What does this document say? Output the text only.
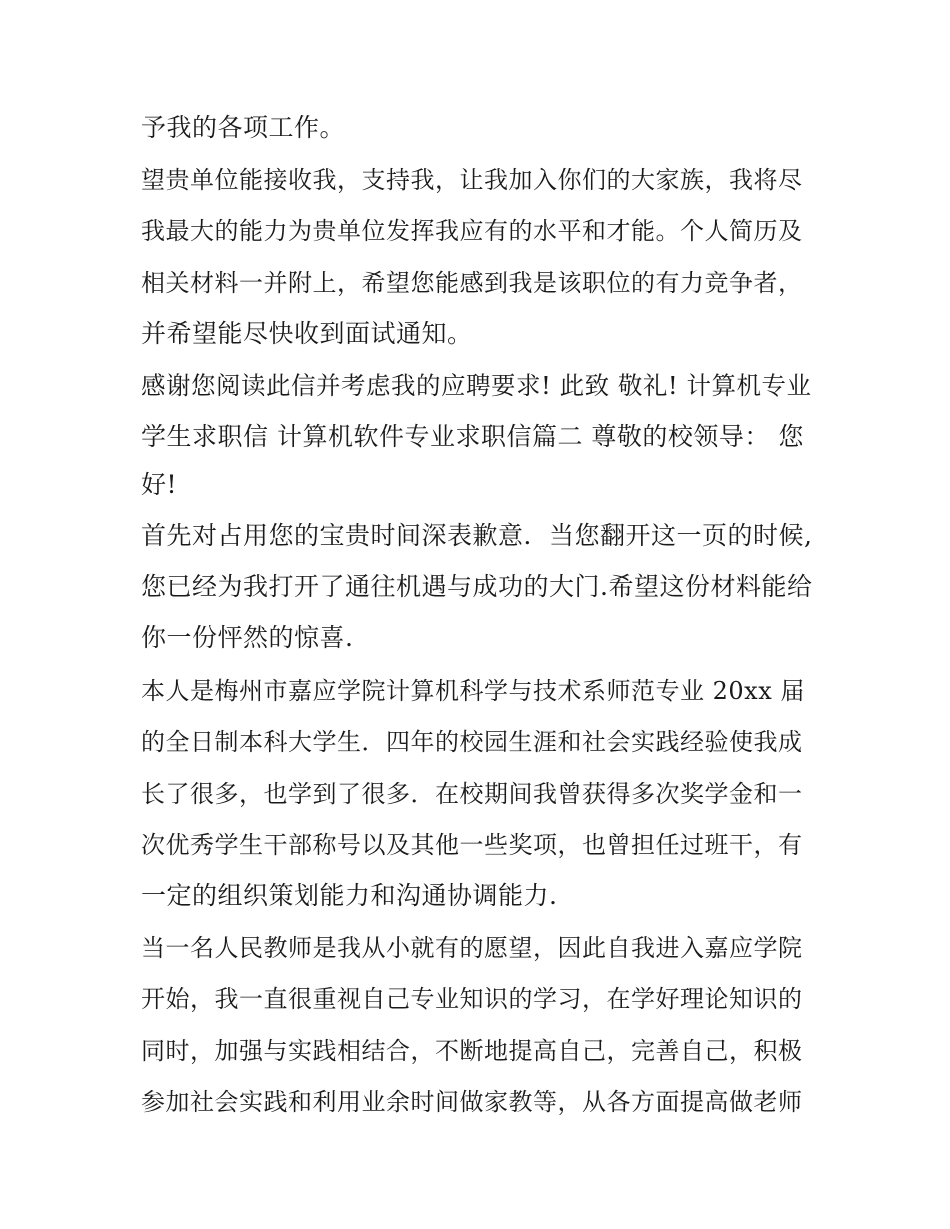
予我的各项工作。
望贵单位能接收我，支持我，让我加入你们的大家族，我将尽
我最大的能力为贵单位发挥我应有的水平和才能。个人简历及
相关材料一并附上，希望您能感到我是该职位的有力竞争者，
并希望能尽快收到面试通知。
感谢您阅读此信并考虑我的应聘要求! 此致 敬礼! 计算机专业
学生求职信 计算机软件专业求职信篇二 尊敬的校领导： 您
好!
首先对占用您的宝贵时间深表歉意．当您翻开这一页的时候,
您已经为我打开了通往机遇与成功的大门.希望这份材料能给
你一份怦然的惊喜.
本人是梅州市嘉应学院计算机科学与技术系师范专业 20xx 届
的全日制本科大学生．四年的校园生涯和社会实践经验使我成
长了很多，也学到了很多．在校期间我曾获得多次奖学金和一
次优秀学生干部称号以及其他一些奖项，也曾担任过班干，有
一定的组织策划能力和沟通协调能力.
当一名人民教师是我从小就有的愿望，因此自我进入嘉应学院
开始，我一直很重视自己专业知识的学习，在学好理论知识的
同时，加强与实践相结合，不断地提高自己，完善自己，积极
参加社会实践和利用业余时间做家教等，从各方面提高做老师
